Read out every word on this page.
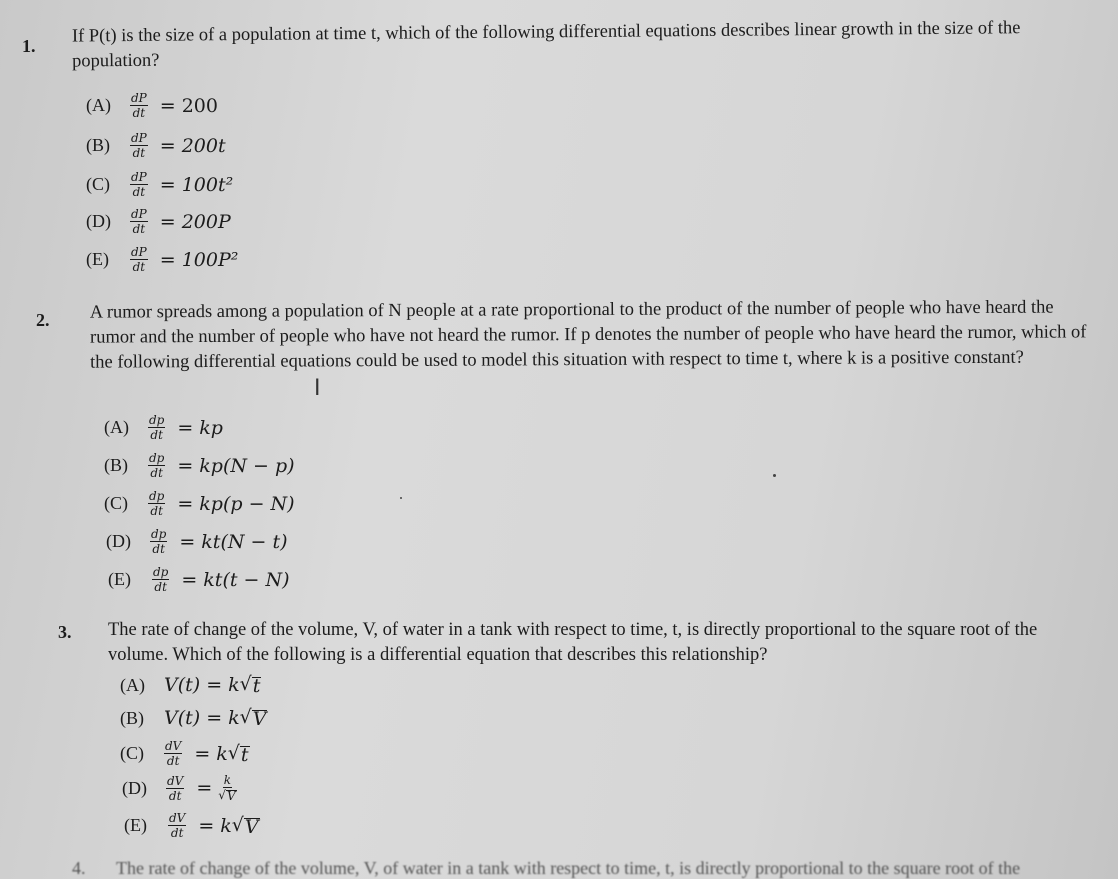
1. If P(t) is the size of a population at time t, which of the following differential equations describes linear growth in the size of the population?
(A)	$\frac{dP}{dt} = 200$
(B)	$\frac{dP}{dt} = 200t$
(C)	$\frac{dP}{dt} = 100t^2$
(D)	$\frac{dP}{dt} = 200P$
(E)	$\frac{dP}{dt} = 100P^2$
2. A rumor spreads among a population of N people at a rate proportional to the product of the number of people who have heard the rumor and the number of people who have not heard the rumor. If p denotes the number of people who have heard the rumor, which of the following differential equations could be used to model this situation with respect to time t, where k is a positive constant?
I
(A)	$\frac{dp}{dt}$ = kp
(B)	$\frac{dp}{dt} = kp(N - p)$
(C)	$\frac{dp}{dt} = kp(p - N)$
(D)	$\frac{dp}{dt} = kt(N - t)$
(E)	$\frac{dp}{dt} = kt(t - N)$
3. The rate of change of the volume, V, of water in a tank with respect to time, t, is directly proportional to the square root of the volume. Which of the following is a differential equation that describes this relationship?
(A)	V(t) = k √ t
(B)	V(t) = k √ V
(C)	$\frac{dV}{dt} = k$ √ t
(D)	$\frac{dV}{dt} = \frac{k}{√ V}$
(E)	$\frac{dV}{dt} = k$ √ V
4. The rate of change of the volume, V, of water in a tank with respect to time, t, is directly proportional to the square root of the
